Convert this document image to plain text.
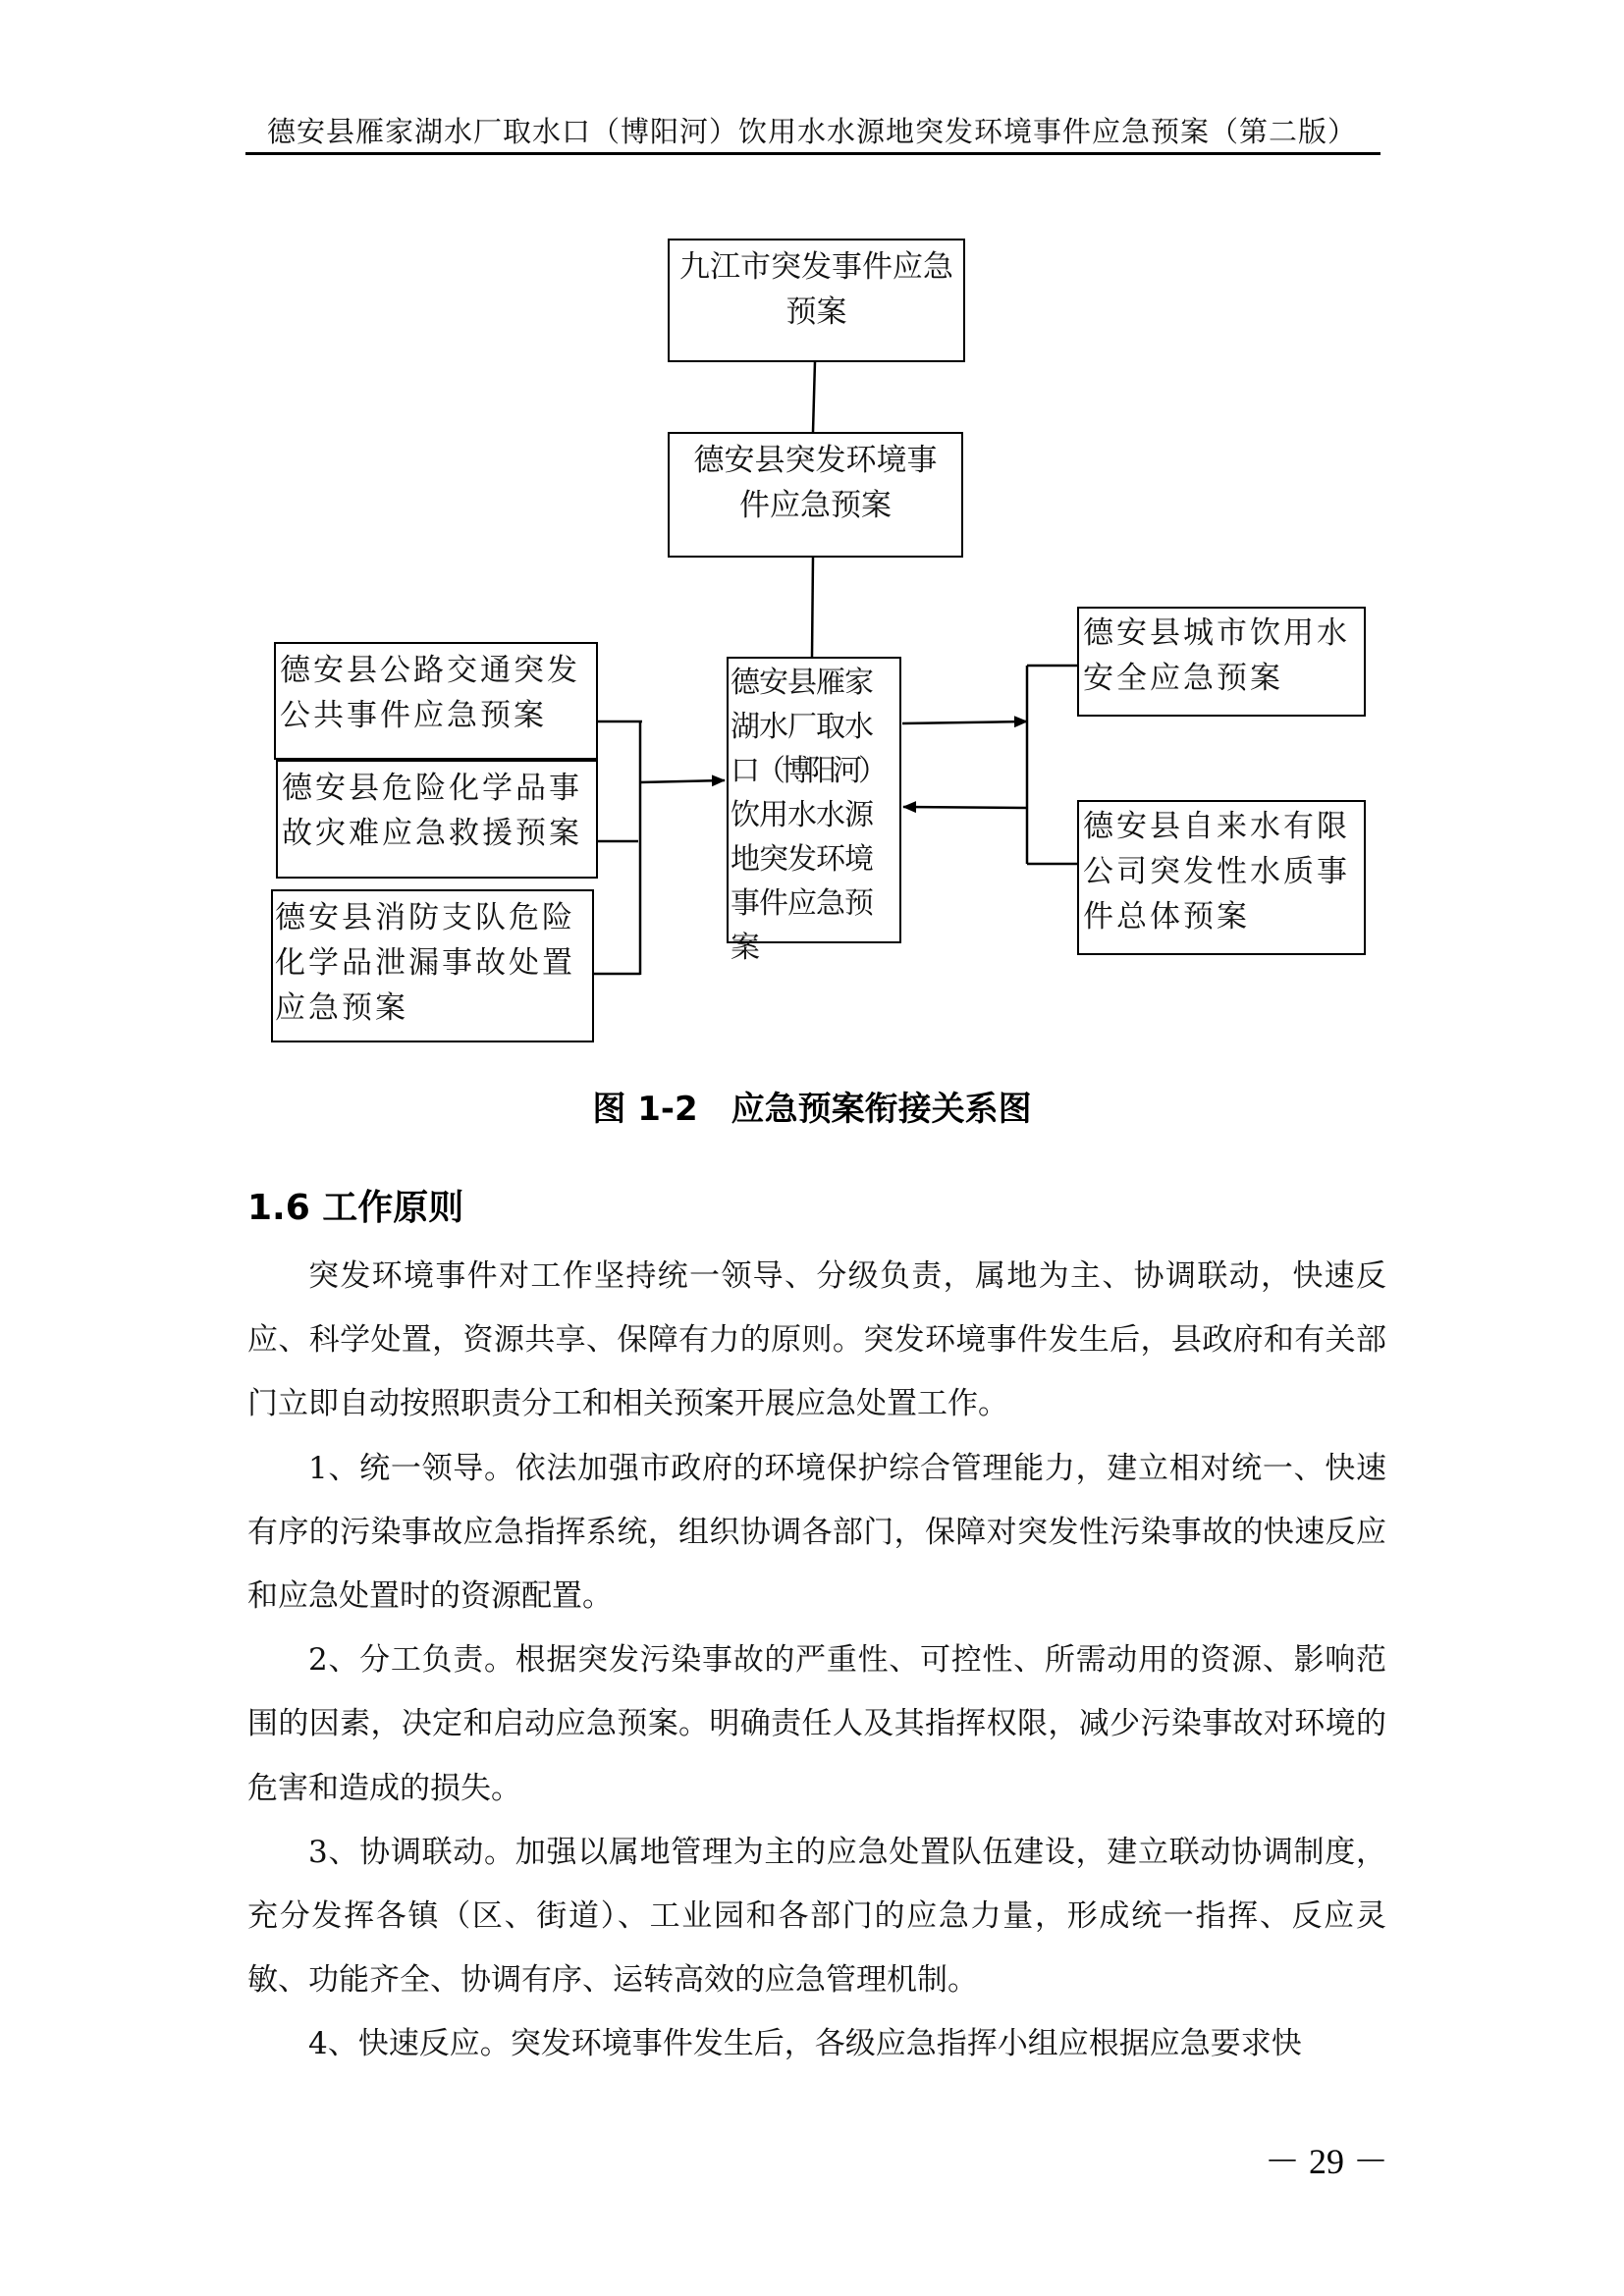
德安县雁家湖水厂取水口（博阳河）饮用水水源地突发环境事件应急预案（第二版）
九江市突发事件应急
预案
德安县突发环境事
件应急预案
德安县雁家
湖水厂取水
口（博阳河）
饮用水水源
地突发环境
事件应急预
案
德安县公路交通突发
公共事件应急预案
德安县危险化学品事
故灾难应急救援预案
德安县消防支队危险
化学品泄漏事故处置
应急预案
德安县城市饮用水
安全应急预案
德安县自来水有限
公司突发性水质事
件总体预案
图 1-2 应急预案衔接关系图
1.6 工作原则

突发环境事件对工作坚持统一领导、分级负责，属地为主、协调联动，快速反应、科学处置，资源共享、保障有力的原则。突发环境事件发生后，县政府和有关部门立即自动按照职责分工和相关预案开展应急处置工作。

1、统一领导。依法加强市政府的环境保护综合管理能力，建立相对统一、快速有序的污染事故应急指挥系统，组织协调各部门，保障对突发性污染事故的快速反应和应急处置时的资源配置。

2、分工负责。根据突发污染事故的严重性、可控性、所需动用的资源、影响范围的因素，决定和启动应急预案。明确责任人及其指挥权限，减少污染事故对环境的危害和造成的损失。

3、协调联动。加强以属地管理为主的应急处置队伍建设，建立联动协调制度，充分发挥各镇（区、街道）、工业园和各部门的应急力量，形成统一指挥、反应灵敏、功能齐全、协调有序、运转高效的应急管理机制。

4、快速反应。突发环境事件发生后，各级应急指挥小组应根据应急要求快

－ 29 －
